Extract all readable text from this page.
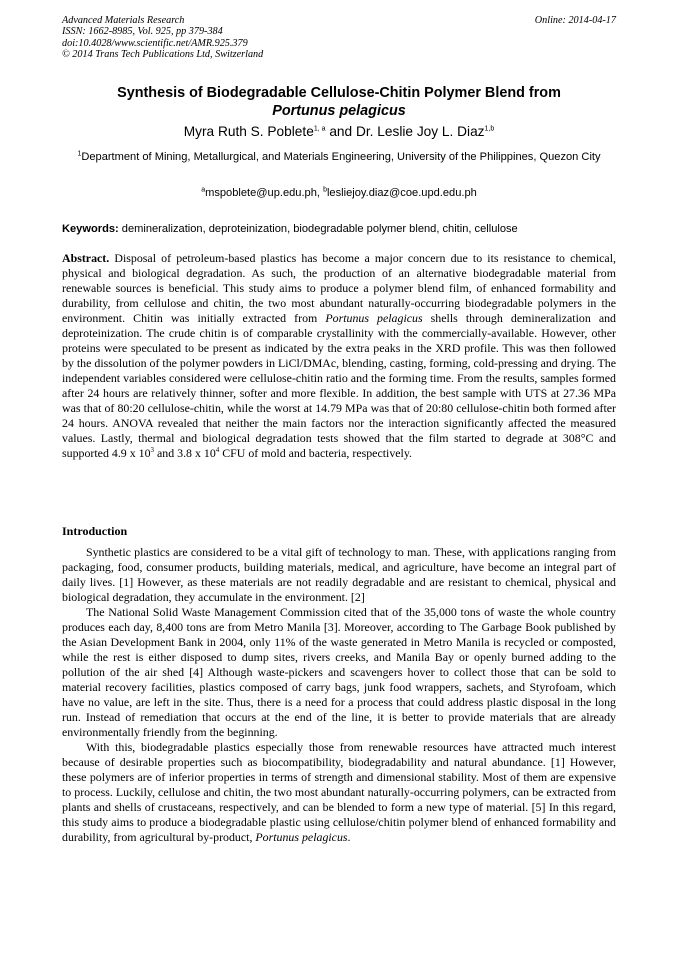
Advanced Materials Research
ISSN: 1662-8985, Vol. 925, pp 379-384
doi:10.4028/www.scientific.net/AMR.925.379
© 2014 Trans Tech Publications Ltd, Switzerland
Online: 2014-04-17
Synthesis of Biodegradable Cellulose-Chitin Polymer Blend from
Portunus pelagicus
Myra Ruth S. Poblete$^{1, a}$ and Dr. Leslie Joy L. Diaz$^{1,b}$
$^1$Department of Mining, Metallurgical, and Materials Engineering, University of the Philippines, Quezon City
$^a$mspoblete@up.edu.ph, $^b$lesliejoy.diaz@coe.upd.edu.ph
Keywords: demineralization, deproteinization, biodegradable polymer blend, chitin, cellulose

Abstract. Disposal of petroleum-based plastics has become a major concern due to its resistance to chemical, physical and biological degradation. As such, the production of an alternative biodegradable material from renewable sources is beneficial. This study aims to produce a polymer blend film, of enhanced formability and durability, from cellulose and chitin, the two most abundant naturally-occurring biodegradable polymers in the environment. Chitin was initially extracted from Portunus pelagicus shells through demineralization and deproteinization. The crude chitin is of comparable crystallinity with the commercially-available. However, other proteins were speculated to be present as indicated by the extra peaks in the XRD profile. This was then followed by the dissolution of the polymer powders in LiCl/DMAc, blending, casting, forming, cold-pressing and drying. The independent variables considered were cellulose-chitin ratio and the forming time. From the results, samples formed after 24 hours are relatively thinner, softer and more flexible. In addition, the best sample with UTS at 27.36 MPa was that of 80:20 cellulose-chitin, while the worst at 14.79 MPa was that of 20:80 cellulose-chitin both formed after 24 hours. ANOVA revealed that neither the main factors nor the interaction significantly affected the measured values. Lastly, thermal and biological degradation tests showed that the film started to degrade at 308°C and supported 4.9 x $10^3$ and 3.8 x $10^4$ CFU of mold and bacteria, respectively.

Introduction

Synthetic plastics are considered to be a vital gift of technology to man. These, with applications ranging from packaging, food, consumer products, building materials, medical, and agriculture, have become an integral part of daily lives. [1] However, as these materials are not readily degradable and are resistant to chemical, physical and biological degradation, they accumulate in the environment. [2]

The National Solid Waste Management Commission cited that of the 35,000 tons of waste the whole country produces each day, 8,400 tons are from Metro Manila [3]. Moreover, according to The Garbage Book published by the Asian Development Bank in 2004, only 11% of the waste generated in Metro Manila is recycled or composted, while the rest is either disposed to dump sites, rivers creeks, and Manila Bay or openly burned adding to the pollution of the air shed [4] Although waste-pickers and scavengers hover to collect those that can be sold to material recovery facilities, plastics composed of carry bags, junk food wrappers, sachets, and Styrofoam, which have no value, are left in the site. Thus, there is a need for a process that could address plastic disposal in the long run. Instead of remediation that occurs at the end of the line, it is better to provide materials that are already environmentally friendly from the beginning.

With this, biodegradable plastics especially those from renewable resources have attracted much interest because of desirable properties such as biocompatibility, biodegradability and natural abundance. [1] However, these polymers are of inferior properties in terms of strength and dimensional stability. Most of them are expensive to process. Luckily, cellulose and chitin, the two most abundant naturally-occurring polymers, can be extracted from plants and shells of crustaceans, respectively, and can be blended to form a new type of material. [5] In this regard, this study aims to produce a biodegradable plastic using cellulose/chitin polymer blend of enhanced formability and durability, from agricultural by-product, Portunus pelagicus.
